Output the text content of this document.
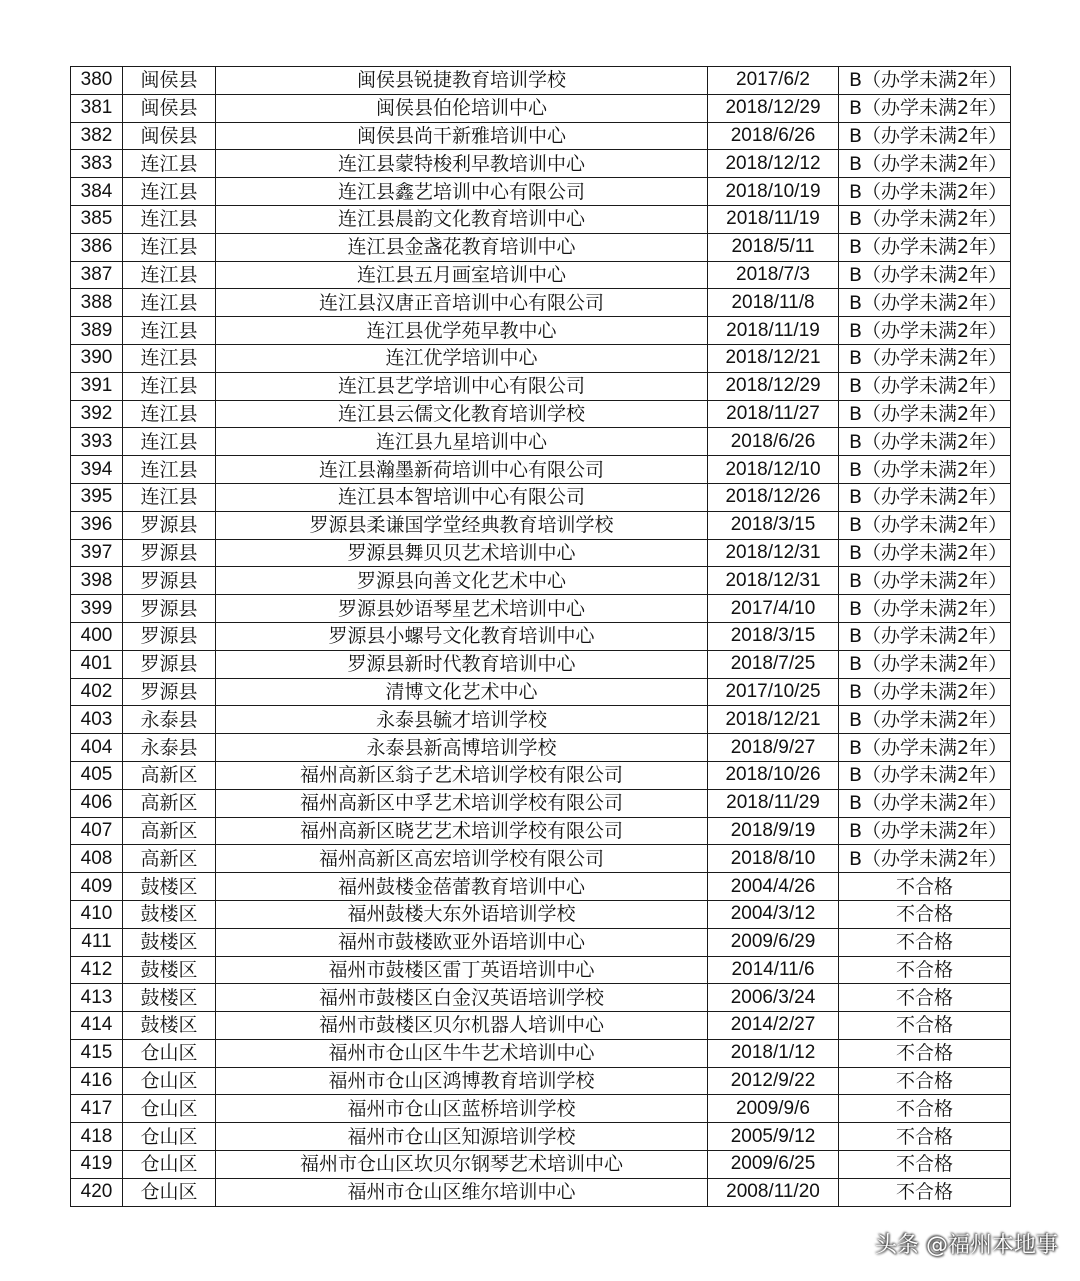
380	闽侯县	闽侯县锐捷教育培训学校	2017/6/2	B（办学未满2年）
381	闽侯县	闽侯县伯伦培训中心	2018/12/29	B（办学未满2年）
382	闽侯县	闽侯县尚干新雅培训中心	2018/6/26	B（办学未满2年）
383	连江县	连江县蒙特梭利早教培训中心	2018/12/12	B（办学未满2年）
384	连江县	连江县鑫艺培训中心有限公司	2018/10/19	B（办学未满2年）
385	连江县	连江县晨韵文化教育培训中心	2018/11/19	B（办学未满2年）
386	连江县	连江县金盏花教育培训中心	2018/5/11	B（办学未满2年）
387	连江县	连江县五月画室培训中心	2018/7/3	B（办学未满2年）
388	连江县	连江县汉唐正音培训中心有限公司	2018/11/8	B（办学未满2年）
389	连江县	连江县优学苑早教中心	2018/11/19	B（办学未满2年）
390	连江县	连江优学培训中心	2018/12/21	B（办学未满2年）
391	连江县	连江县艺学培训中心有限公司	2018/12/29	B（办学未满2年）
392	连江县	连江县云儒文化教育培训学校	2018/11/27	B（办学未满2年）
393	连江县	连江县九星培训中心	2018/6/26	B（办学未满2年）
394	连江县	连江县瀚墨新荷培训中心有限公司	2018/12/10	B（办学未满2年）
395	连江县	连江县本智培训中心有限公司	2018/12/26	B（办学未满2年）
396	罗源县	罗源县柔谦国学堂经典教育培训学校	2018/3/15	B（办学未满2年）
397	罗源县	罗源县舞贝贝艺术培训中心	2018/12/31	B（办学未满2年）
398	罗源县	罗源县向善文化艺术中心	2018/12/31	B（办学未满2年）
399	罗源县	罗源县妙语琴星艺术培训中心	2017/4/10	B（办学未满2年）
400	罗源县	罗源县小螺号文化教育培训中心	2018/3/15	B（办学未满2年）
401	罗源县	罗源县新时代教育培训中心	2018/7/25	B（办学未满2年）
402	罗源县	清博文化艺术中心	2017/10/25	B（办学未满2年）
403	永泰县	永泰县毓才培训学校	2018/12/21	B（办学未满2年）
404	永泰县	永泰县新高博培训学校	2018/9/27	B（办学未满2年）
405	高新区	福州高新区翁子艺术培训学校有限公司	2018/10/26	B（办学未满2年）
406	高新区	福州高新区中孚艺术培训学校有限公司	2018/11/29	B（办学未满2年）
407	高新区	福州高新区晓艺艺术培训学校有限公司	2018/9/19	B（办学未满2年）
408	高新区	福州高新区高宏培训学校有限公司	2018/8/10	B（办学未满2年）
409	鼓楼区	福州鼓楼金蓓蕾教育培训中心	2004/4/26	不合格
410	鼓楼区	福州鼓楼大东外语培训学校	2004/3/12	不合格
411	鼓楼区	福州市鼓楼欧亚外语培训中心	2009/6/29	不合格
412	鼓楼区	福州市鼓楼区雷丁英语培训中心	2014/11/6	不合格
413	鼓楼区	福州市鼓楼区白金汉英语培训学校	2006/3/24	不合格
414	鼓楼区	福州市鼓楼区贝尔机器人培训中心	2014/2/27	不合格
415	仓山区	福州市仓山区牛牛艺术培训中心	2018/1/12	不合格
416	仓山区	福州市仓山区鸿博教育培训学校	2012/9/22	不合格
417	仓山区	福州市仓山区蓝桥培训学校	2009/9/6	不合格
418	仓山区	福州市仓山区知源培训学校	2005/9/12	不合格
419	仓山区	福州市仓山区坎贝尔钢琴艺术培训中心	2009/6/25	不合格
420	仓山区	福州市仓山区维尔培训中心	2008/11/20	不合格
头条 @福州本地事
